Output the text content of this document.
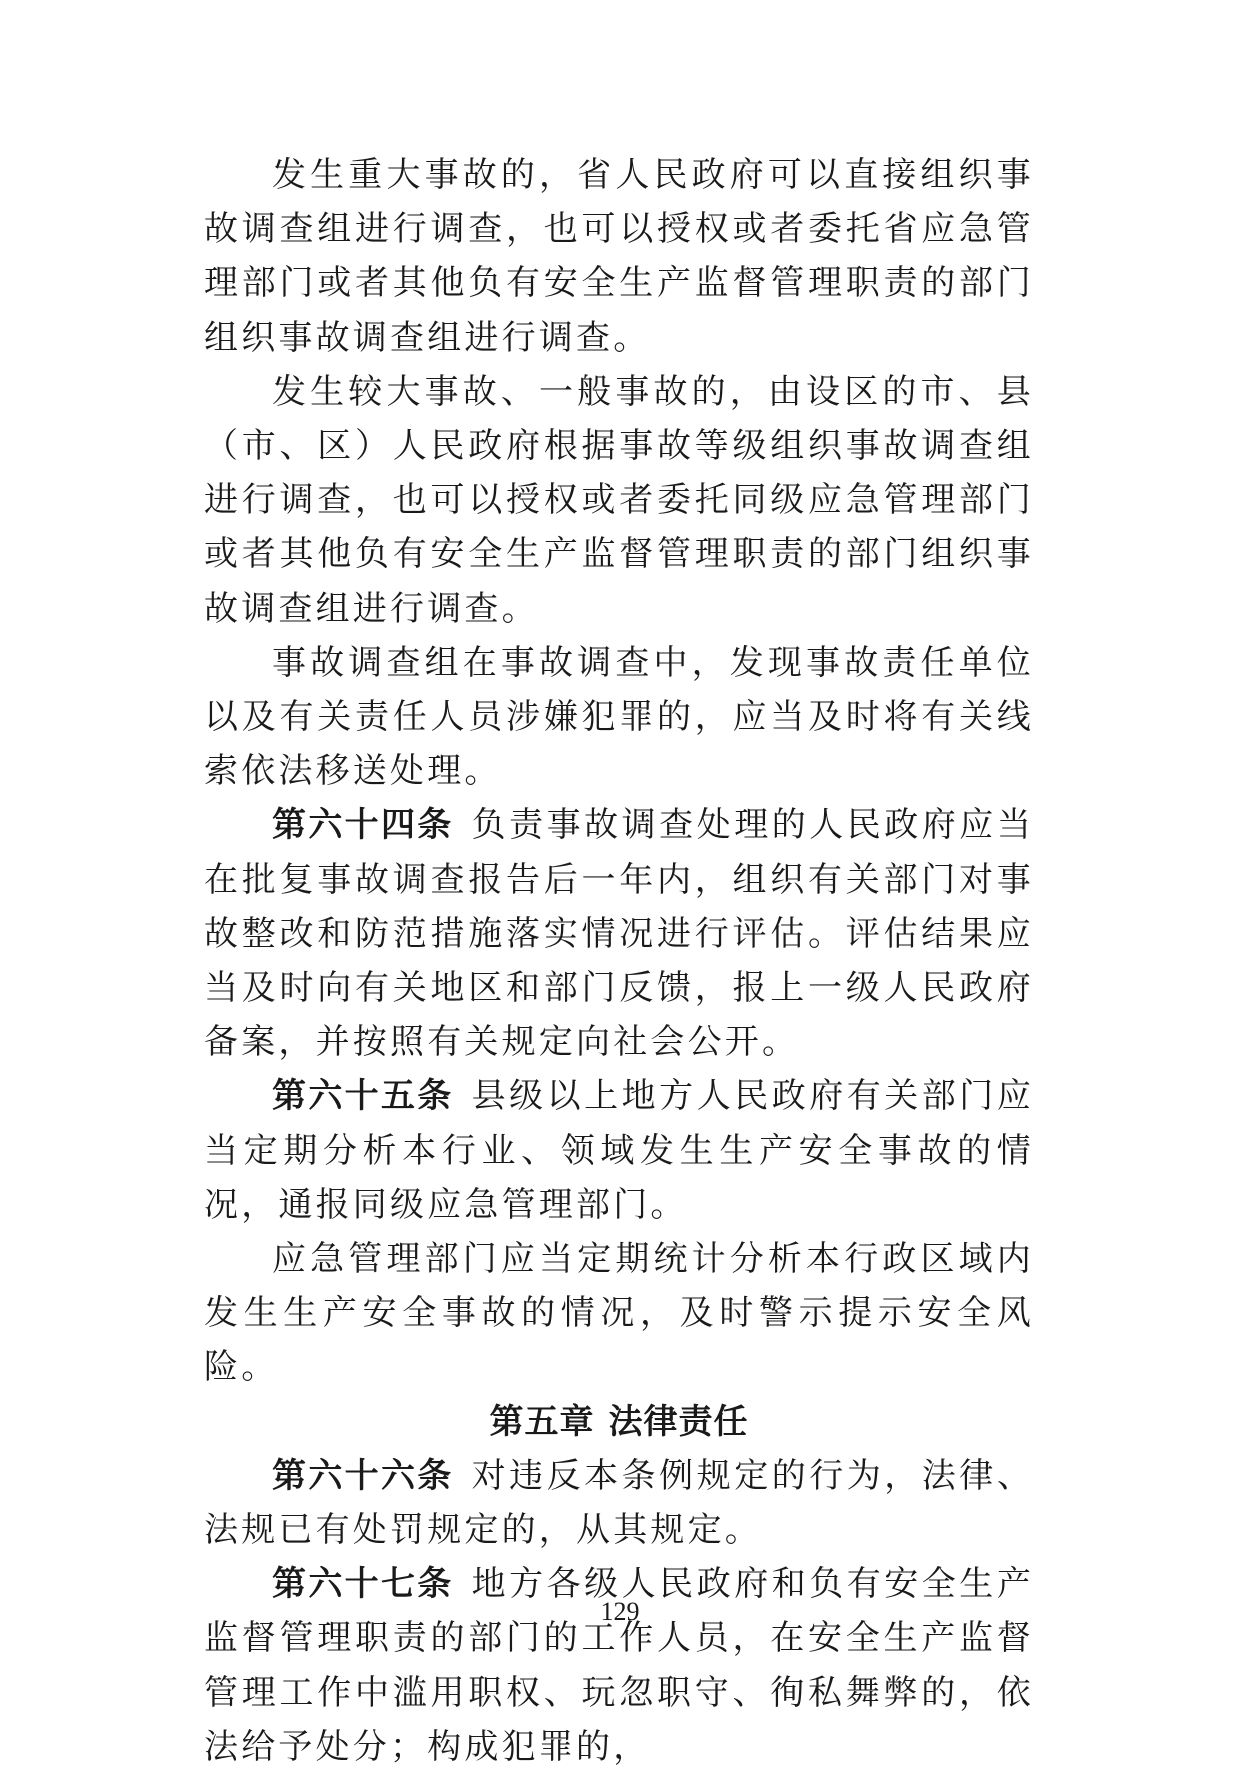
发生重大事故的，省人民政府可以直接组织事故调查组进行调查，也可以授权或者委托省应急管理部门或者其他负有安全生产监督管理职责的部门组织事故调查组进行调查。

发生较大事故、一般事故的，由设区的市、县（市、区）人民政府根据事故等级组织事故调查组进行调查，也可以授权或者委托同级应急管理部门或者其他负有安全生产监督管理职责的部门组织事故调查组进行调查。

事故调查组在事故调查中，发现事故责任单位以及有关责任人员涉嫌犯罪的，应当及时将有关线索依法移送处理。

第六十四条 负责事故调查处理的人民政府应当在批复事故调查报告后一年内，组织有关部门对事故整改和防范措施落实情况进行评估。评估结果应当及时向有关地区和部门反馈，报上一级人民政府备案，并按照有关规定向社会公开。

第六十五条 县级以上地方人民政府有关部门应当定期分析本行业、领域发生生产安全事故的情况，通报同级应急管理部门。

应急管理部门应当定期统计分析本行政区域内发生生产安全事故的情况，及时警示提示安全风险。

第五章 法律责任

第六十六条 对违反本条例规定的行为，法律、法规已有处罚规定的，从其规定。

第六十七条 地方各级人民政府和负有安全生产监督管理职责的部门的工作人员，在安全生产监督管理工作中滥用职权、玩忽职守、徇私舞弊的，依法给予处分；构成犯罪的，

129
